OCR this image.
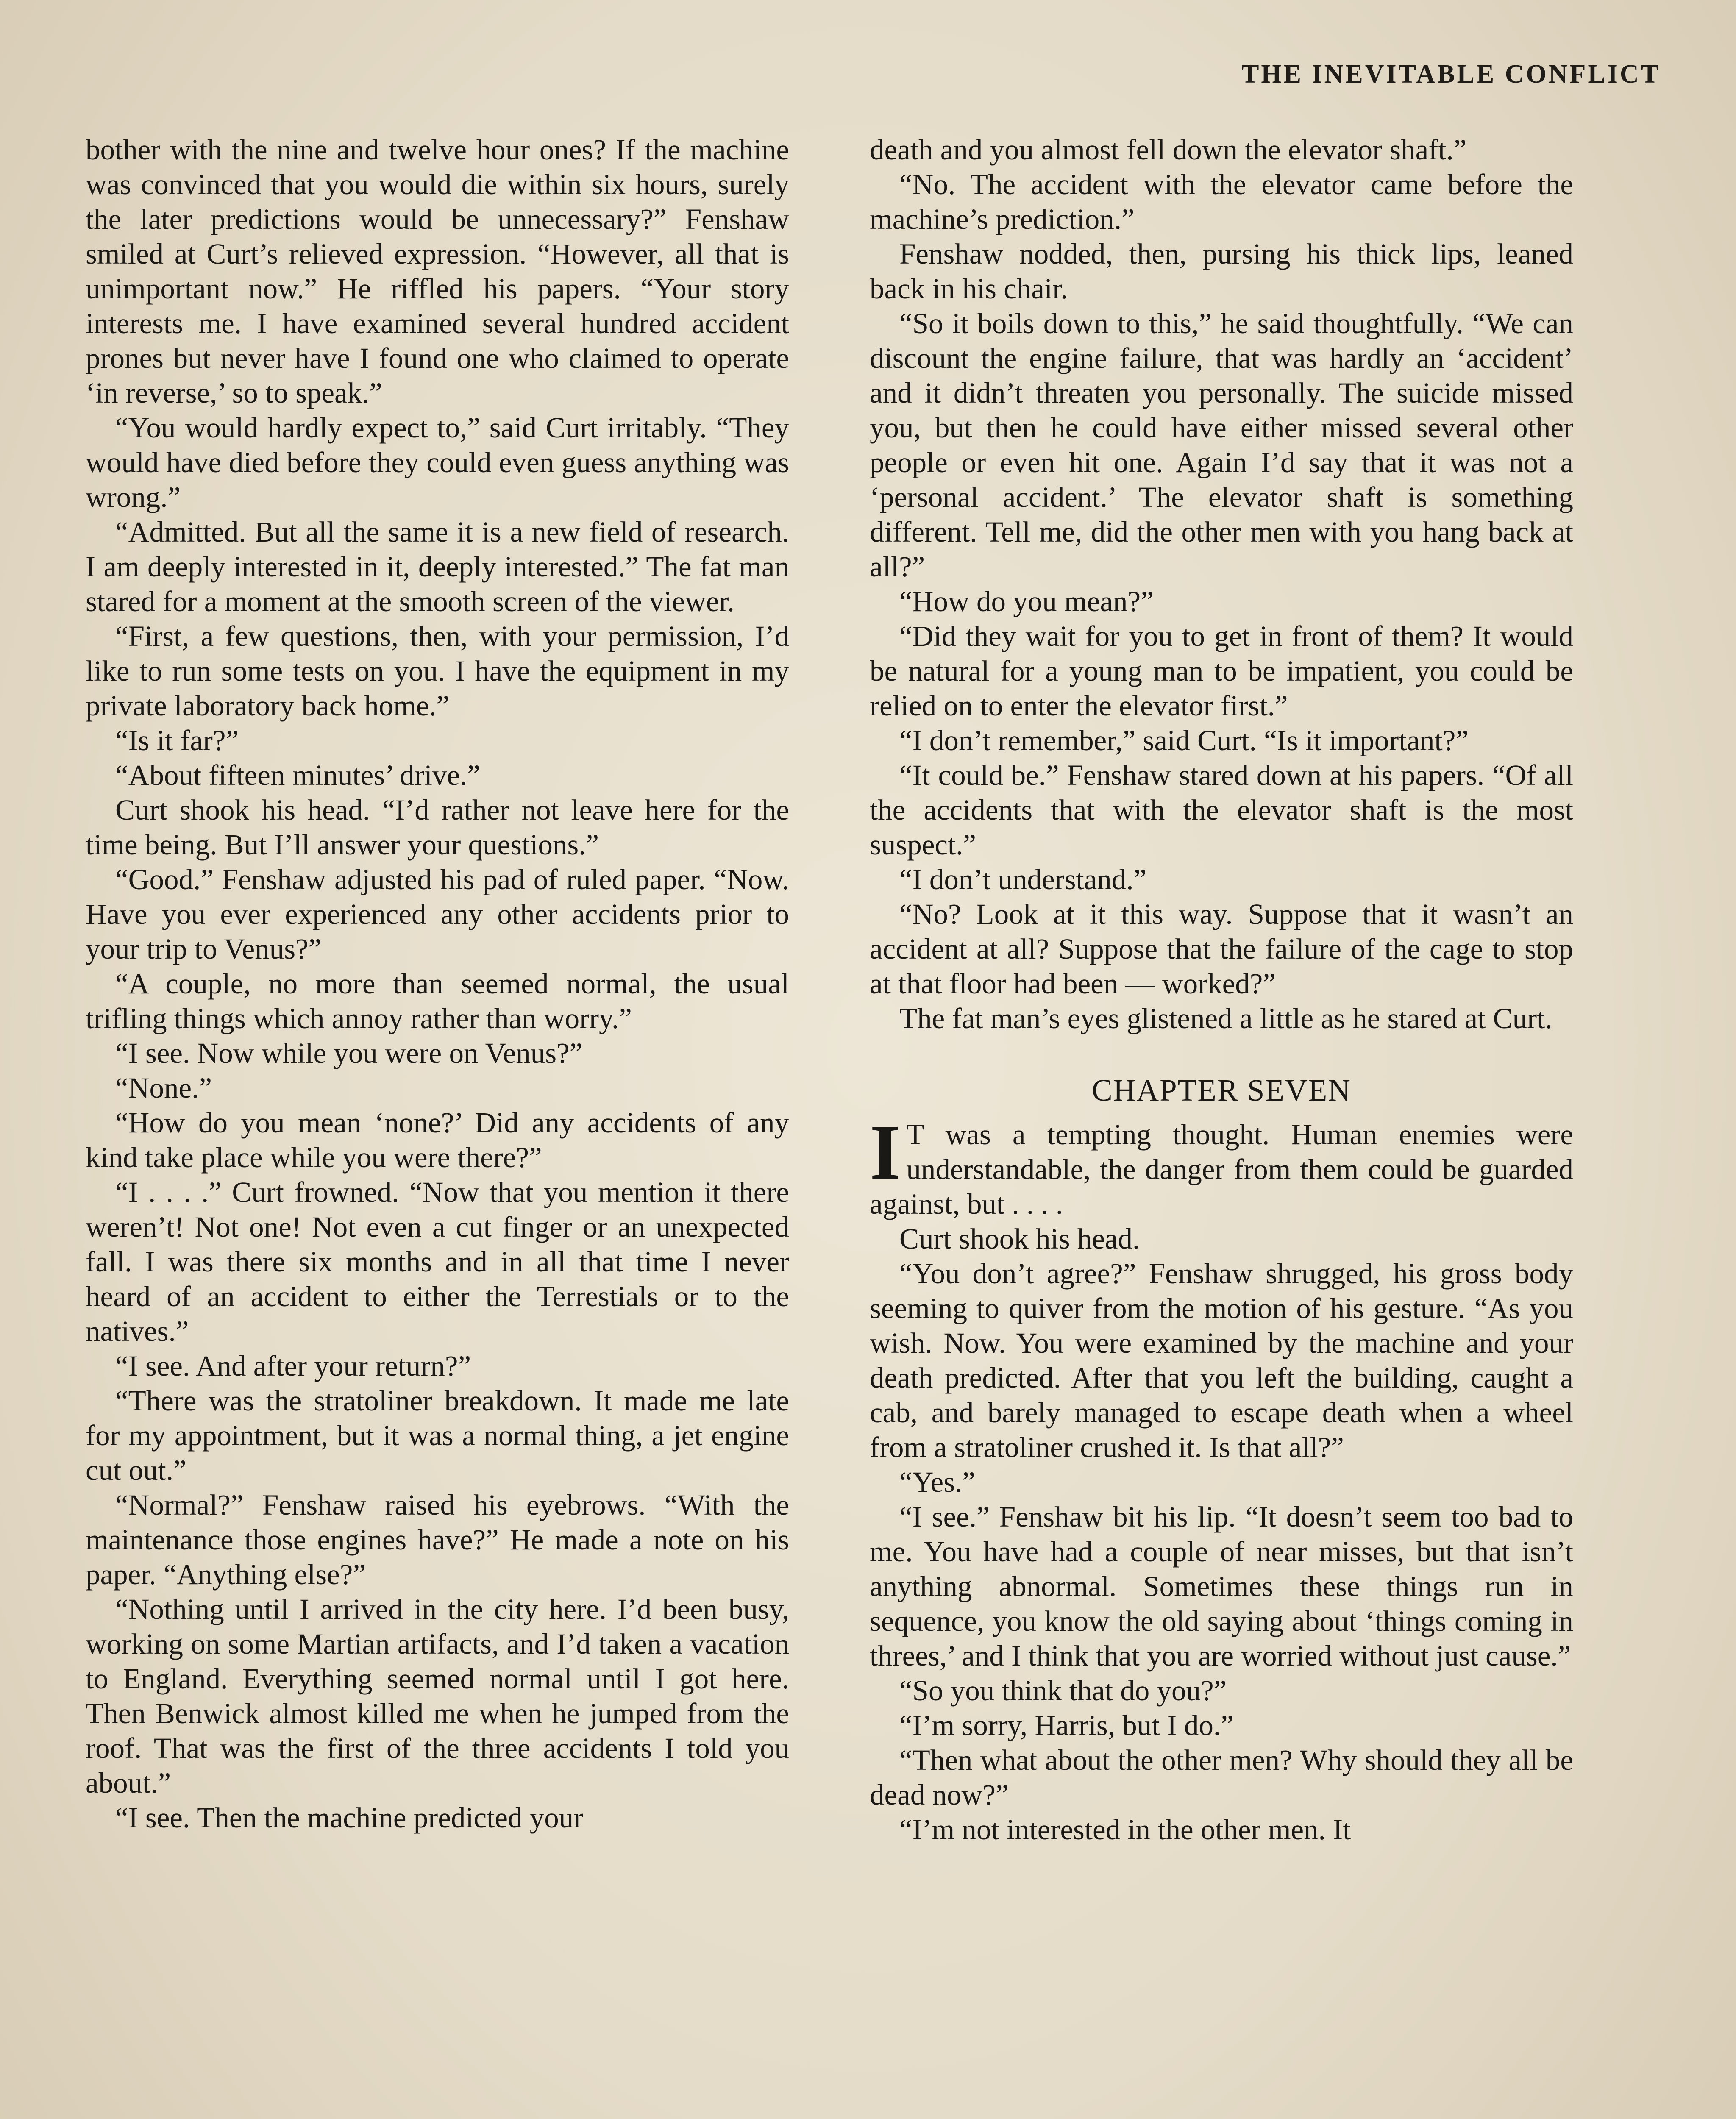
THE INEVITABLE CONFLICT

bother with the nine and twelve hour ones? If the machine was convinced that you would die within six hours, surely the later predictions would be unnecessary?” Fenshaw smiled at Curt’s relieved expression. “However, all that is unimportant now.” He riffled his papers. “Your story interests me. I have examined several hundred accident prones but never have I found one who claimed to operate ‘in reverse,’ so to speak.”

“You would hardly expect to,” said Curt irritably. “They would have died before they could even guess anything was wrong.”

“Admitted. But all the same it is a new field of research. I am deeply interested in it, deeply interested.” The fat man stared for a moment at the smooth screen of the viewer.

“First, a few questions, then, with your permission, I’d like to run some tests on you. I have the equipment in my private laboratory back home.”

“Is it far?”

“About fifteen minutes’ drive.”

Curt shook his head. “I’d rather not leave here for the time being. But I’ll answer your questions.”

“Good.” Fenshaw adjusted his pad of ruled paper. “Now. Have you ever experienced any other accidents prior to your trip to Venus?”

“A couple, no more than seemed normal, the usual trifling things which annoy rather than worry.”

“I see. Now while you were on Venus?”

“None.”

“How do you mean ‘none?’ Did any accidents of any kind take place while you were there?”

“I . . . .” Curt frowned. “Now that you mention it there weren’t! Not one! Not even a cut finger or an unexpected fall. I was there six months and in all that time I never heard of an accident to either the Terrestials or to the natives.”

“I see. And after your return?”

“There was the stratoliner breakdown. It made me late for my appointment, but it was a normal thing, a jet engine cut out.”

“Normal?” Fenshaw raised his eyebrows. “With the maintenance those engines have?” He made a note on his paper. “Anything else?”

“Nothing until I arrived in the city here. I’d been busy, working on some Martian artifacts, and I’d taken a vacation to England. Everything seemed normal until I got here. Then Benwick almost killed me when he jumped from the roof. That was the first of the three accidents I told you about.”

“I see. Then the machine predicted your

death and you almost fell down the elevator shaft.”

“No. The accident with the elevator came before the machine’s prediction.”

Fenshaw nodded, then, pursing his thick lips, leaned back in his chair.

“So it boils down to this,” he said thoughtfully. “We can discount the engine failure, that was hardly an ‘accident’ and it didn’t threaten you personally. The suicide missed you, but then he could have either missed several other people or even hit one. Again I’d say that it was not a ‘personal accident.’ The elevator shaft is something different. Tell me, did the other men with you hang back at all?”

“How do you mean?”

“Did they wait for you to get in front of them? It would be natural for a young man to be impatient, you could be relied on to enter the elevator first.”

“I don’t remember,” said Curt. “Is it important?”

“It could be.” Fenshaw stared down at his papers. “Of all the accidents that with the elevator shaft is the most suspect.”

“I don’t understand.”

“No? Look at it this way. Suppose that it wasn’t an accident at all? Suppose that the failure of the cage to stop at that floor had been — worked?”

The fat man’s eyes glistened a little as he stared at Curt.

CHAPTER SEVEN

I T was a tempting thought. Human enemies were understandable, the danger from them could be guarded against, but . . . .

Curt shook his head.

“You don’t agree?” Fenshaw shrugged, his gross body seeming to quiver from the motion of his gesture. “As you wish. Now. You were examined by the machine and your death predicted. After that you left the building, caught a cab, and barely managed to escape death when a wheel from a stratoliner crushed it. Is that all?”

“Yes.”

“I see.” Fenshaw bit his lip. “It doesn’t seem too bad to me. You have had a couple of near misses, but that isn’t anything abnormal. Sometimes these things run in sequence, you know the old saying about ‘things coming in threes,’ and I think that you are worried without just cause.”

“So you think that do you?”

“I’m sorry, Harris, but I do.”

“Then what about the other men? Why should they all be dead now?”

“I’m not interested in the other men. It
